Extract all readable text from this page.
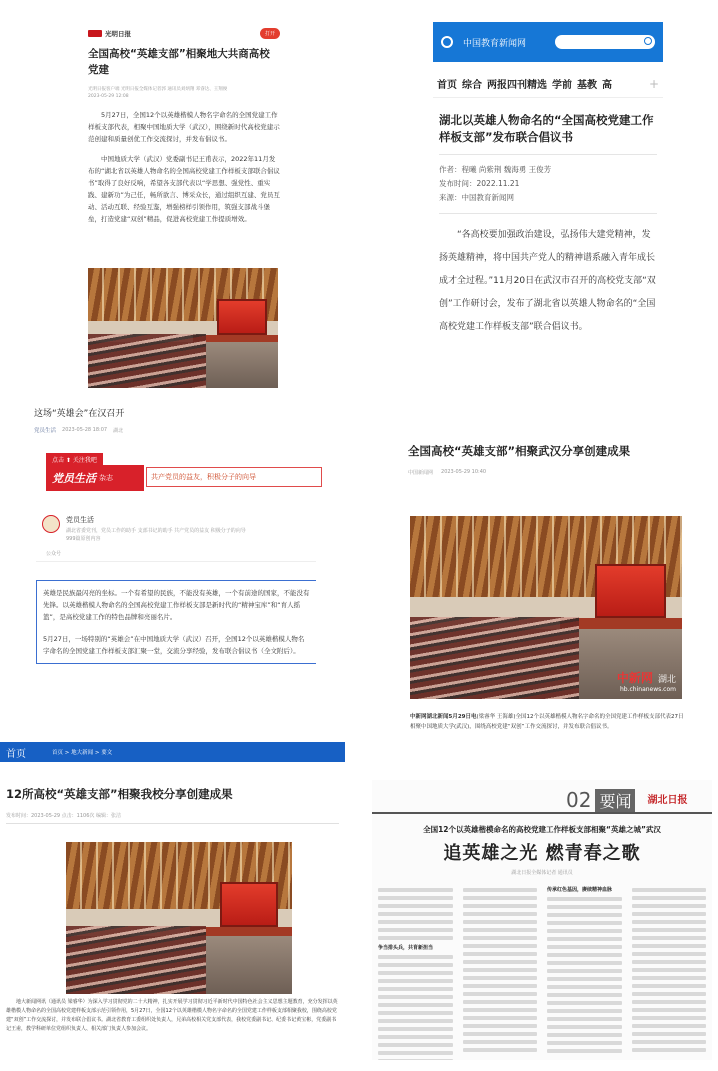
光明日报	打开
全国高校“英雄支部”相聚地大共商高校党建
光明日报客户端 光明日报全媒体记者郭 通讯员刘炳翔 邓睿达、王翔俊
2023-05-29 12:08

5月27日，全国12个以英雄楷模人物名字命名的全国党建工作样板支部代表，相聚中国地质大学（武汉），围绕新时代高校党建示范创建和质量创优工作交流探讨，并发布倡议书。

中国地质大学（武汉）党委副书记王甫表示，2022年11月发布的“湖北省以英雄人物命名的全国高校党建工作样板支部联合倡议书”取得了良好反响，希望各支部代表以“学思想、强党性、重实践、建新功”为己任，畅所欲言、博采众长，通过组织互建、党员互动、活动互联、经验互鉴，增强榜样引领作用，筑强支部战斗堡垒，打造党建“双创”精品，促进高校党建工作提质增效。

中国教育新闻网
首页 综合 两报四刊精选 学前 基教 高	+
湖北以英雄人物命名的“全国高校党建工作样板支部”发布联合倡议书
作者：程曦 尚紫荆 魏海勇 王俊芳
发布时间：2022.11.21
来源：中国教育新闻网

“各高校要加强政治建设，弘扬伟大建党精神，发扬英雄精神，将中国共产党人的精神谱系融入青年成长成才全过程。”11月20日在武汉市召开的高校党支部“双创”工作研讨会，发布了湖北省以英雄人物命名的“全国高校党建工作样板支部”联合倡议书。

这场“英雄会”在汉召开
党员生活 2023-05-28 18:07 湖北
点击 ⬆ 关注我吧
党员生活 杂志	共产党员的益友，积极分子的向导
党员生活
湖北省委党刊，党员工作的助手 支部书记的助手 共产党员的益友 积极分子的向导
999篇原创内容
公众号

英雄是民族最闪亮的坐标。一个有希望的民族，不能没有英雄，一个有前途的国家，不能没有先锋。以英雄楷模人物命名的全国高校党建工作样板支部是新时代的“精神宝库”和“育人摇篮”，是高校党建工作的特色品牌和亮丽名片。

5月27日，一场特别的“英雄会”在中国地质大学（武汉）召开，全国12个以英雄楷模人物名字命名的全国党建工作样板支部汇聚一堂，交流分享经验，发布联合倡议书（全文附后）。

全国高校“英雄支部”相聚武汉分享创建成果
中国新闻网 2023-05-29 10:40
中新网 湖北
hb.chinanews.com

中新网湖北新闻5月29日电(梁睿华 王海雄)全国12个以英雄楷模人物名字命名的全国党建工作样板支部代表27日相聚中国地质大学(武汉)，围绕高校党建“双创”工作交流探讨，并发布联合倡议书。

首页	首页 > 地大新闻 > 要文
12所高校“英雄支部”相聚我校分享创建成果
发布时间：2023-05-29 点击：1106次 编辑：张洁

地大新闻网讯（通讯员 梁睿华）为深入学习贯彻党的二十大精神，扎实开展学习贯彻习近平新时代中国特色社会主义思想主题教育，充分发挥以英雄楷模人物命名的全国高校党建样板支部示范引领作用，5月27日，全国12个以英雄楷模人物名字命名的全国党建工作样板支部相聚我校，围绕高校党建“双创”工作交流探讨，并发布联合倡议书。湖北省教育工委组织处负责人，兄弟高校相关党支部代表，我校党委副书记、纪委书记黄宝彬，党委副书记王甫，教学科研单位党组织负责人、相关部门负责人参加会议。

02 要闻	湖北日报
全国12个以英雄楷模命名的高校党建工作样板支部相聚“英雄之城”武汉
追英雄之光 燃青春之歌
湖北日报全媒体记者 通讯员
争当排头兵，共育新担当
传承红色基因，赓续精神血脉
